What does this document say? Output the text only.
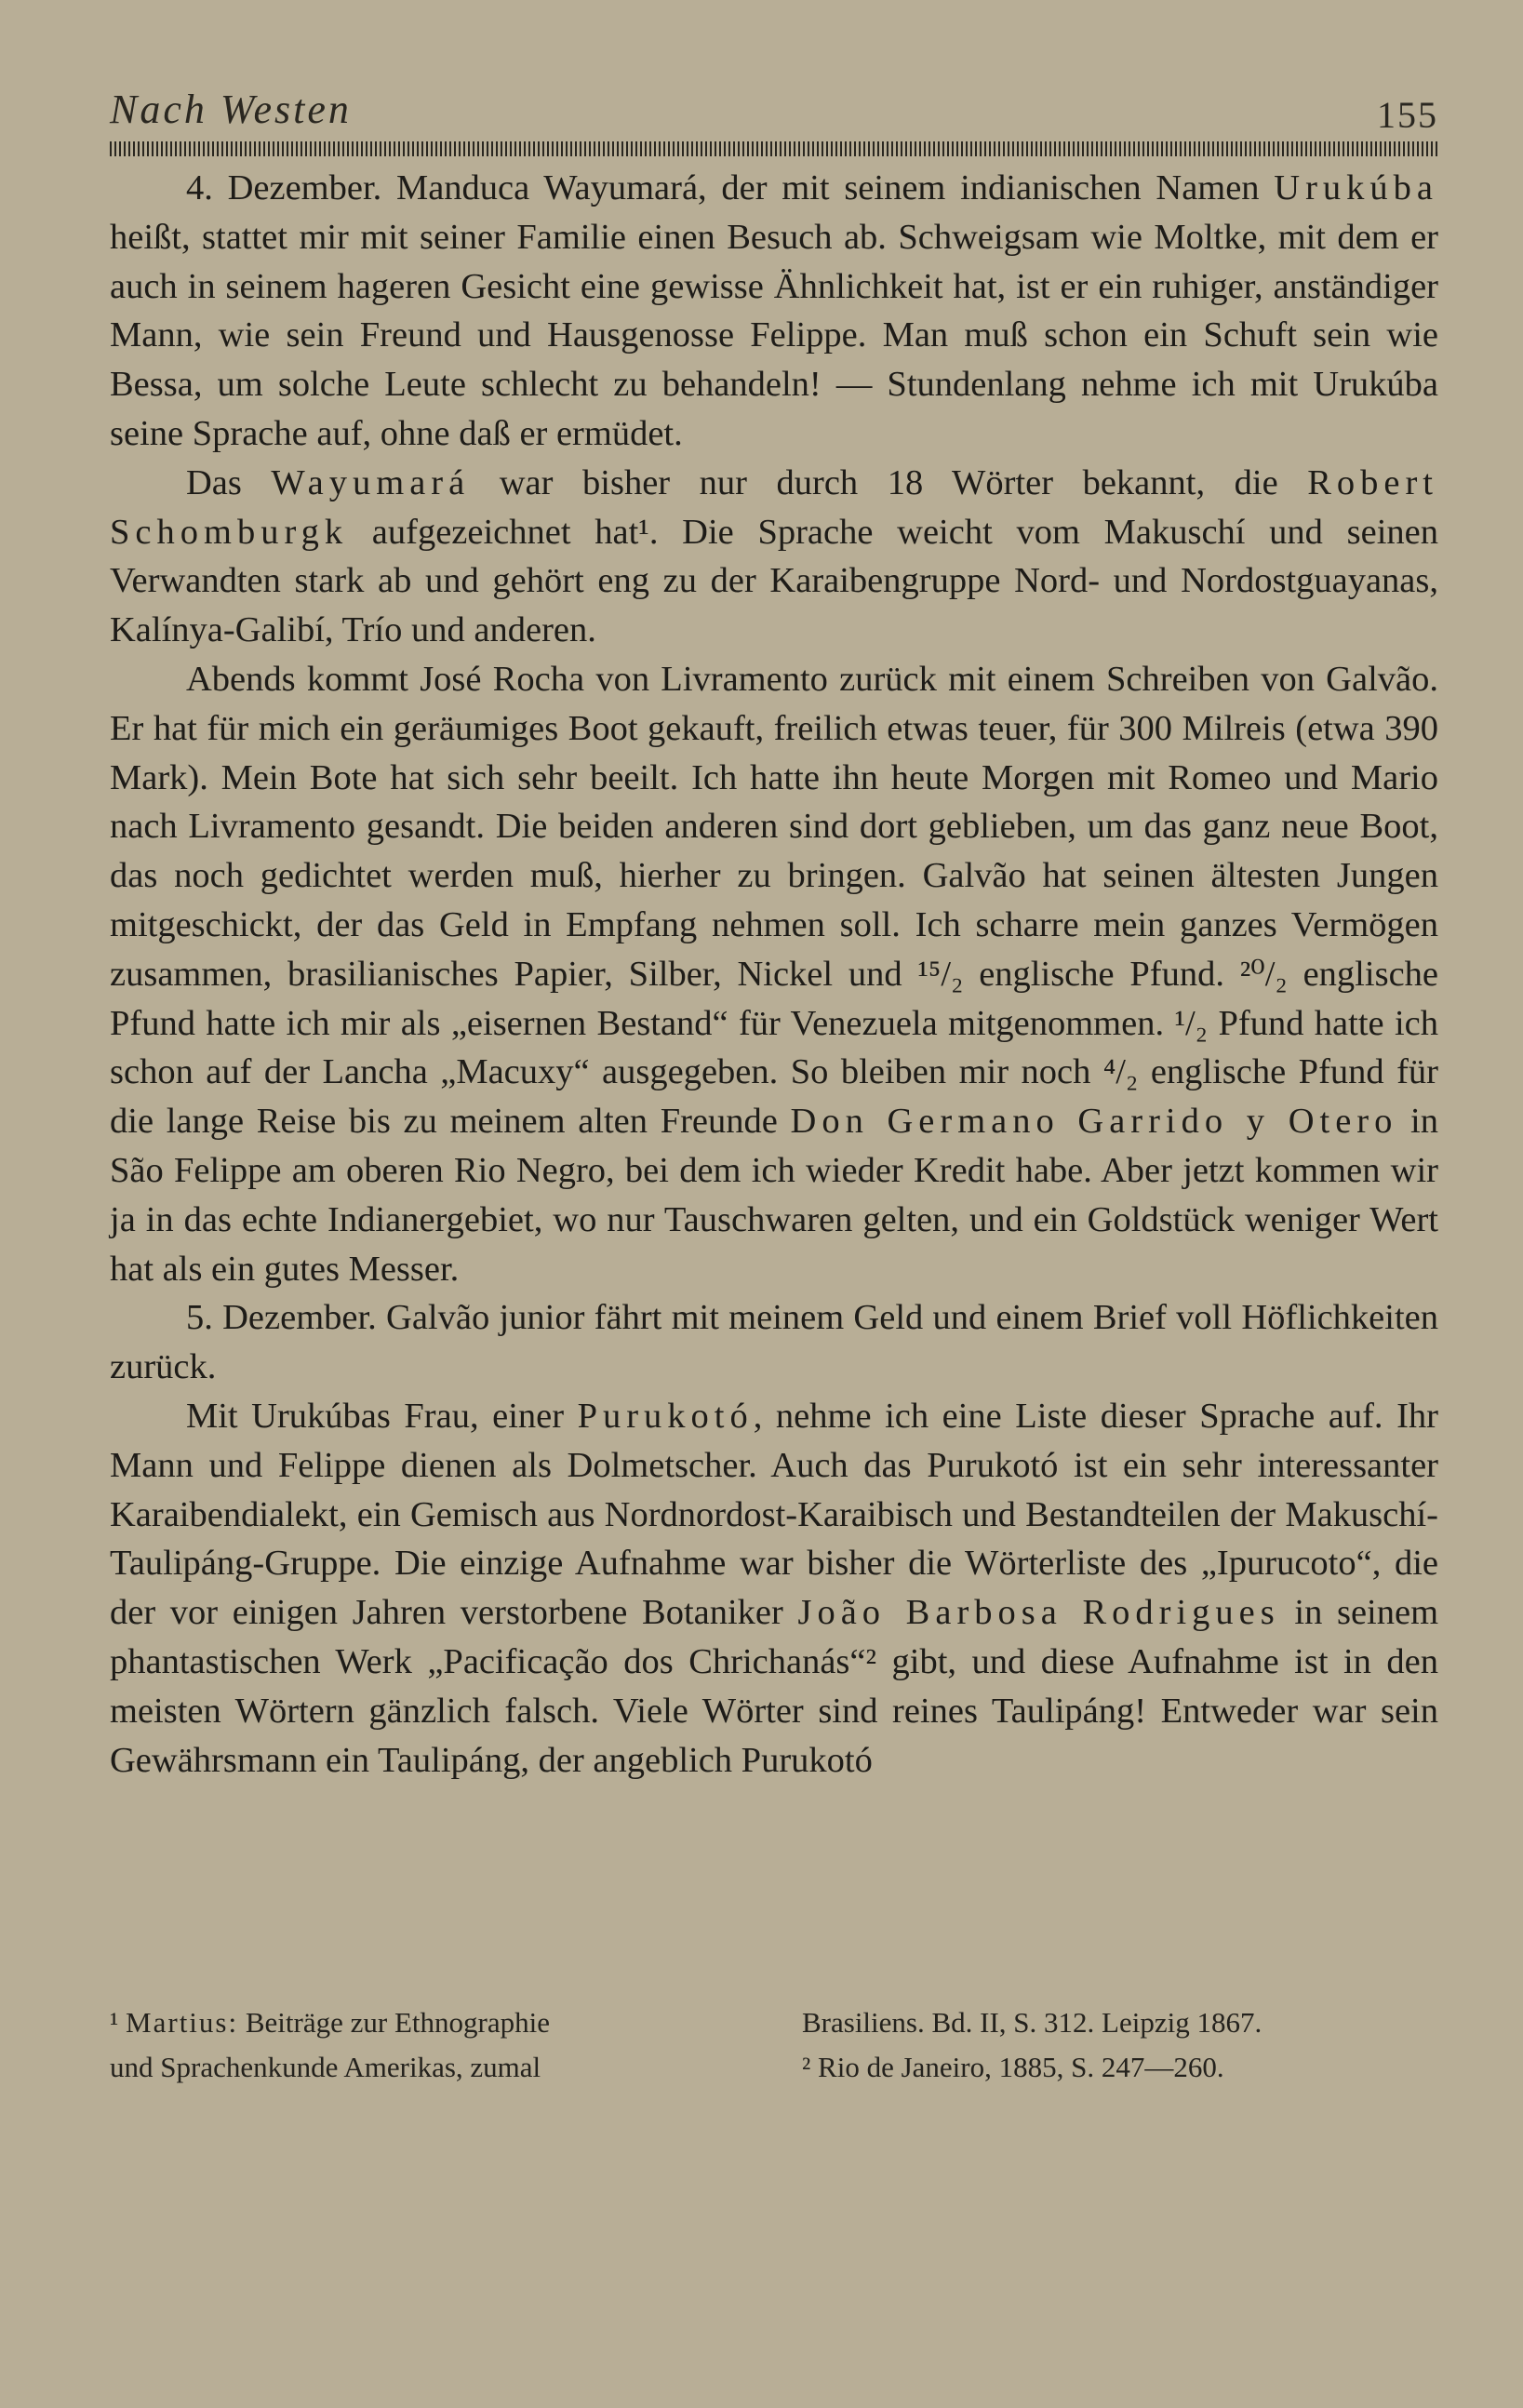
Nach Westen	155

4. Dezember. Manduca Wayumará, der mit seinem indianischen Namen Urukúba heißt, stattet mir mit seiner Familie einen Besuch ab. Schweigsam wie Moltke, mit dem er auch in seinem hageren Gesicht eine gewisse Ähnlichkeit hat, ist er ein ruhiger, anständiger Mann, wie sein Freund und Hausgenosse Felippe. Man muß schon ein Schuft sein wie Bessa, um solche Leute schlecht zu behandeln! — Stundenlang nehme ich mit Urukúba seine Sprache auf, ohne daß er ermüdet.

Das Wayumará war bisher nur durch 18 Wörter bekannt, die Robert Schomburgk aufgezeichnet hat¹. Die Sprache weicht vom Makuschí und seinen Verwandten stark ab und gehört eng zu der Karaibengruppe Nord- und Nordostguayanas, Kalínya-Galibí, Trío und anderen.

Abends kommt José Rocha von Livramento zurück mit einem Schreiben von Galvão. Er hat für mich ein geräumiges Boot gekauft, freilich etwas teuer, für 300 Milreis (etwa 390 Mark). Mein Bote hat sich sehr beeilt. Ich hatte ihn heute Morgen mit Romeo und Mario nach Livramento gesandt. Die beiden anderen sind dort geblieben, um das ganz neue Boot, das noch gedichtet werden muß, hierher zu bringen. Galvão hat seinen ältesten Jungen mitgeschickt, der das Geld in Empfang nehmen soll. Ich scharre mein ganzes Vermögen zusammen, brasilianisches Papier, Silber, Nickel und ¹⁵/₂ englische Pfund. ²⁰/₂ englische Pfund hatte ich mir als „eisernen Bestand“ für Venezuela mitgenommen. ¹/₂ Pfund hatte ich schon auf der Lancha „Macuxy“ ausgegeben. So bleiben mir noch ⁴/₂ englische Pfund für die lange Reise bis zu meinem alten Freunde Don Germano Garrido y Otero in São Felippe am oberen Rio Negro, bei dem ich wieder Kredit habe. Aber jetzt kommen wir ja in das echte Indianergebiet, wo nur Tauschwaren gelten, und ein Goldstück weniger Wert hat als ein gutes Messer.

5. Dezember. Galvão junior fährt mit meinem Geld und einem Brief voll Höflichkeiten zurück.

Mit Urukúbas Frau, einer Purukotó, nehme ich eine Liste dieser Sprache auf. Ihr Mann und Felippe dienen als Dolmetscher. Auch das Purukotó ist ein sehr interessanter Karaibendialekt, ein Gemisch aus Nordnordost-Karaibisch und Bestandteilen der Makuschí-Taulipáng-Gruppe. Die einzige Aufnahme war bisher die Wörterliste des „Ipurucoto“, die der vor einigen Jahren verstorbene Botaniker João Barbosa Rodrigues in seinem phantastischen Werk „Pacificação dos Chrichanás“² gibt, und diese Aufnahme ist in den meisten Wörtern gänzlich falsch. Viele Wörter sind reines Taulipáng! Entweder war sein Gewährsmann ein Taulipáng, der angeblich Purukotó

¹ Martius: Beiträge zur Ethnographie

und Sprachenkunde Amerikas, zumal

Brasiliens. Bd. II, S. 312. Leipzig 1867.

² Rio de Janeiro, 1885, S. 247—260.
